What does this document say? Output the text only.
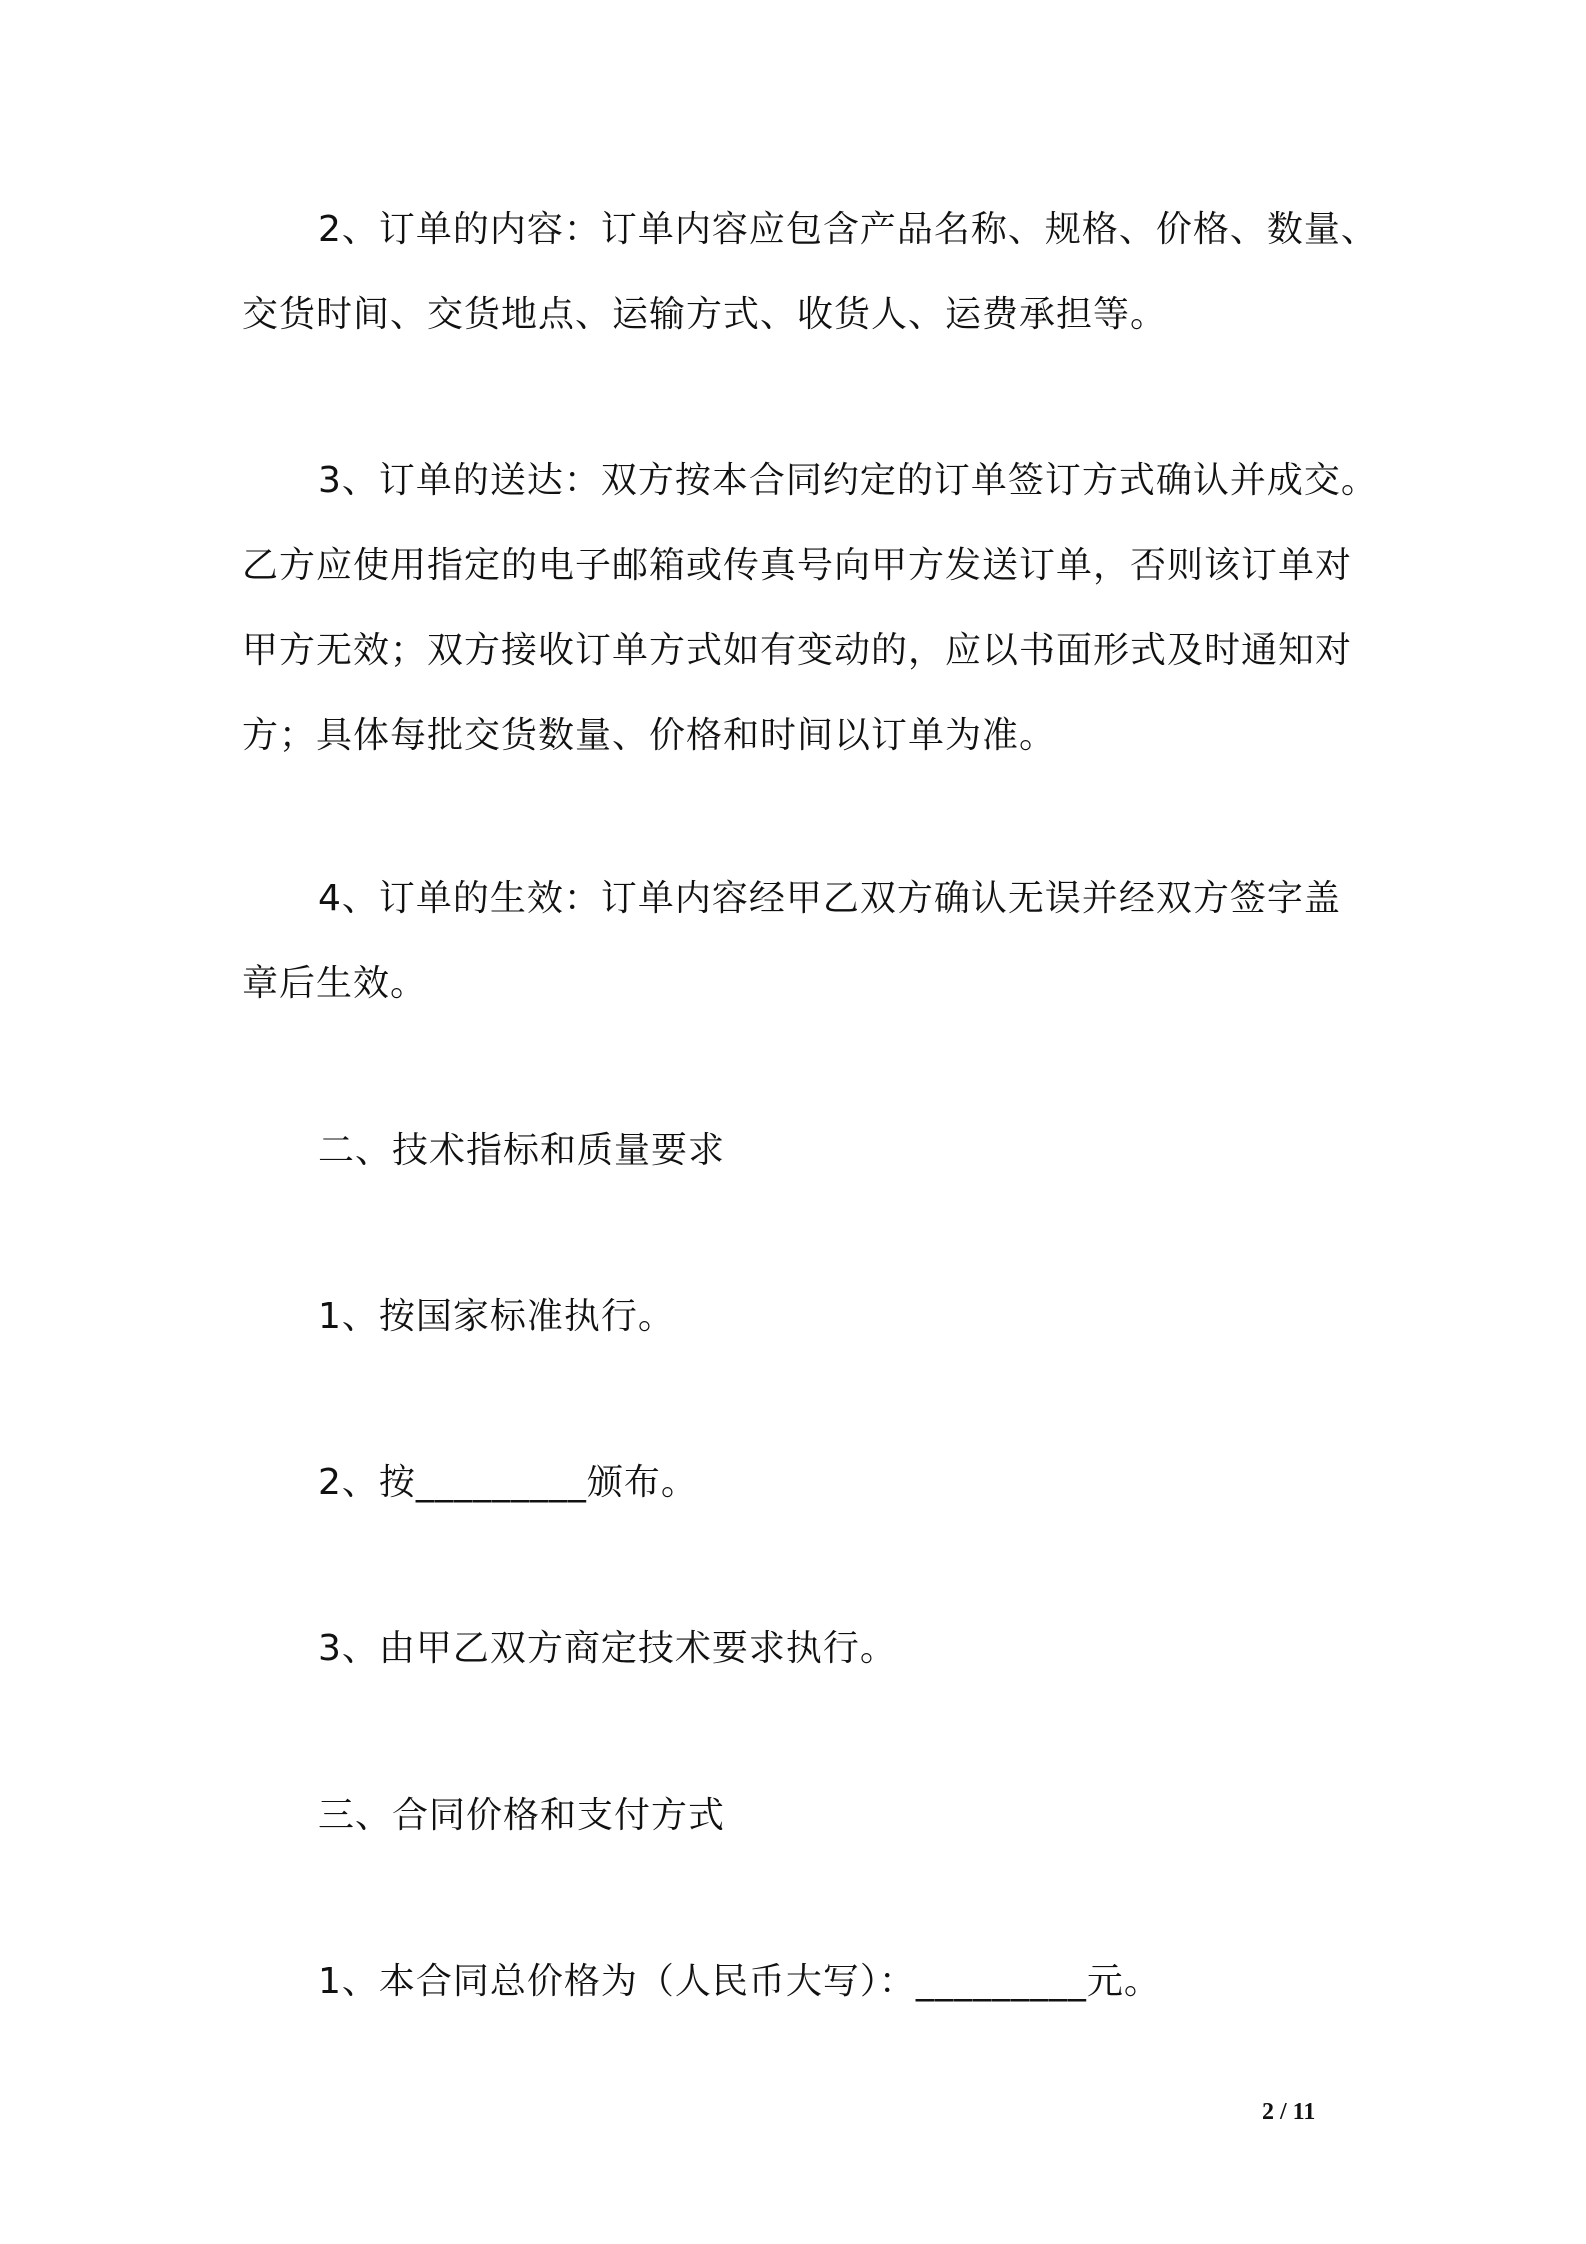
2、订单的内容：订单内容应包含产品名称、规格、价格、数量、

交货时间、交货地点、运输方式、收货人、运费承担等。

3、订单的送达：双方按本合同约定的订单签订方式确认并成交。

乙方应使用指定的电子邮箱或传真号向甲方发送订单，否则该订单对

甲方无效；双方接收订单方式如有变动的，应以书面形式及时通知对

方；具体每批交货数量、价格和时间以订单为准。

4、订单的生效：订单内容经甲乙双方确认无误并经双方签字盖

章后生效。

二、技术指标和质量要求

1、按国家标准执行。

2、按_________颁布。

3、由甲乙双方商定技术要求执行。

三、合同价格和支付方式

1、本合同总价格为（人民币大写）：_________元。

2 / 11
